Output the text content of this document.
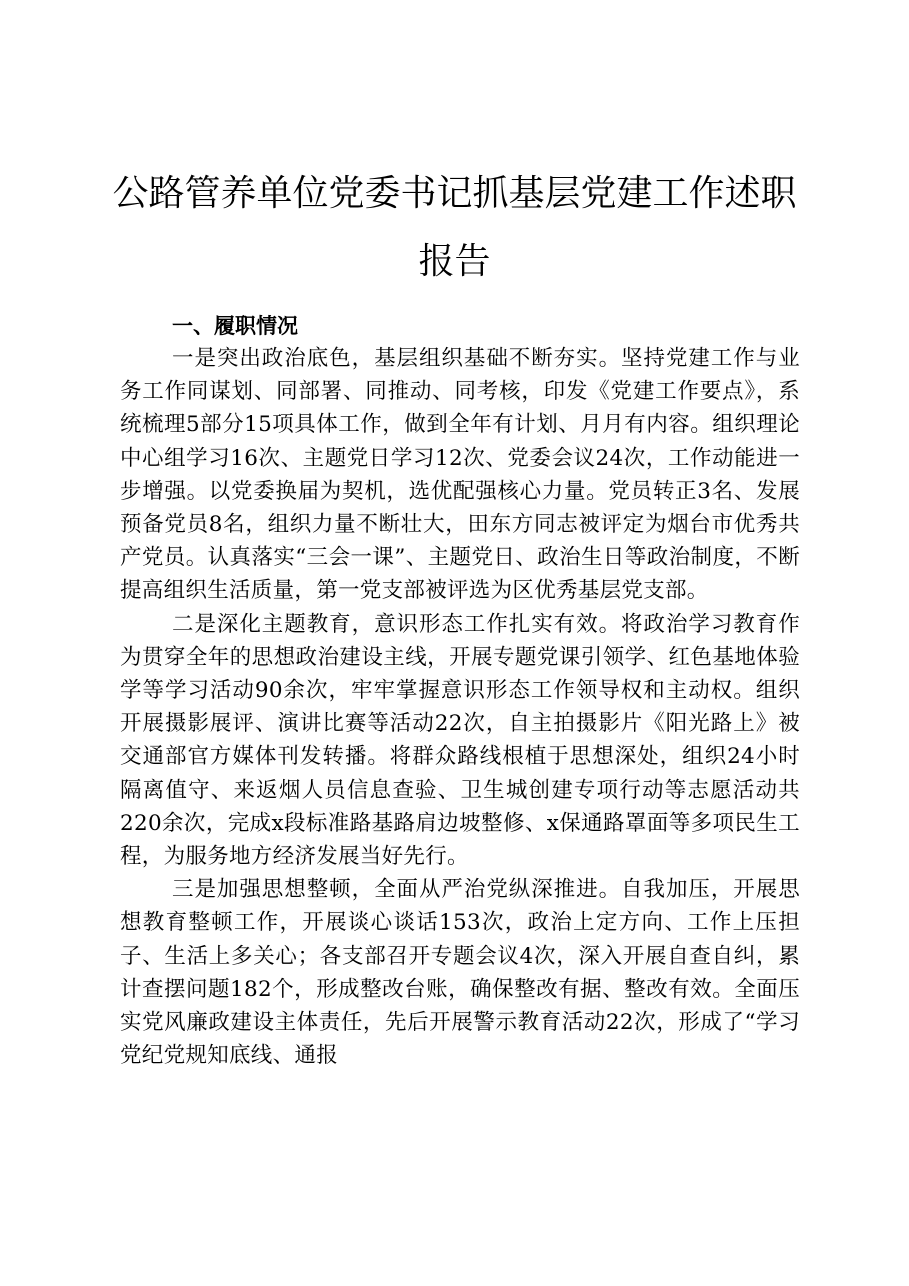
公路管养单位党委书记抓基层党建工作述职报告

一、履职情况

一是突出政治底色，基层组织基础不断夯实。坚持党建工作与业务工作同谋划、同部署、同推动、同考核，印发《党建工作要点》，系统梳理5部分15项具体工作，做到全年有计划、月月有内容。组织理论中心组学习16次、主题党日学习12次、党委会议24次，工作动能进一步增强。以党委换届为契机，选优配强核心力量。党员转正3名、发展预备党员8名，组织力量不断壮大，田东方同志被评定为烟台市优秀共产党员。认真落实“三会一课”、主题党日、政治生日等政治制度，不断提高组织生活质量，第一党支部被评选为区优秀基层党支部。

二是深化主题教育，意识形态工作扎实有效。将政治学习教育作为贯穿全年的思想政治建设主线，开展专题党课引领学、红色基地体验学等学习活动90余次，牢牢掌握意识形态工作领导权和主动权。组织开展摄影展评、演讲比赛等活动22次，自主拍摄影片《阳光路上》被交通部官方媒体刊发转播。将群众路线根植于思想深处，组织24小时隔离值守、来返烟人员信息查验、卫生城创建专项行动等志愿活动共220余次，完成x段标准路基路肩边坡整修、x保通路罩面等多项民生工程，为服务地方经济发展当好先行。

三是加强思想整顿，全面从严治党纵深推进。自我加压，开展思想教育整顿工作，开展谈心谈话153次，政治上定方向、工作上压担子、生活上多关心；各支部召开专题会议4次，深入开展自查自纠，累计查摆问题182个，形成整改台账，确保整改有据、整改有效。全面压实党风廉政建设主体责任，先后开展警示教育活动22次，形成了“学习党纪党规知底线、通报
